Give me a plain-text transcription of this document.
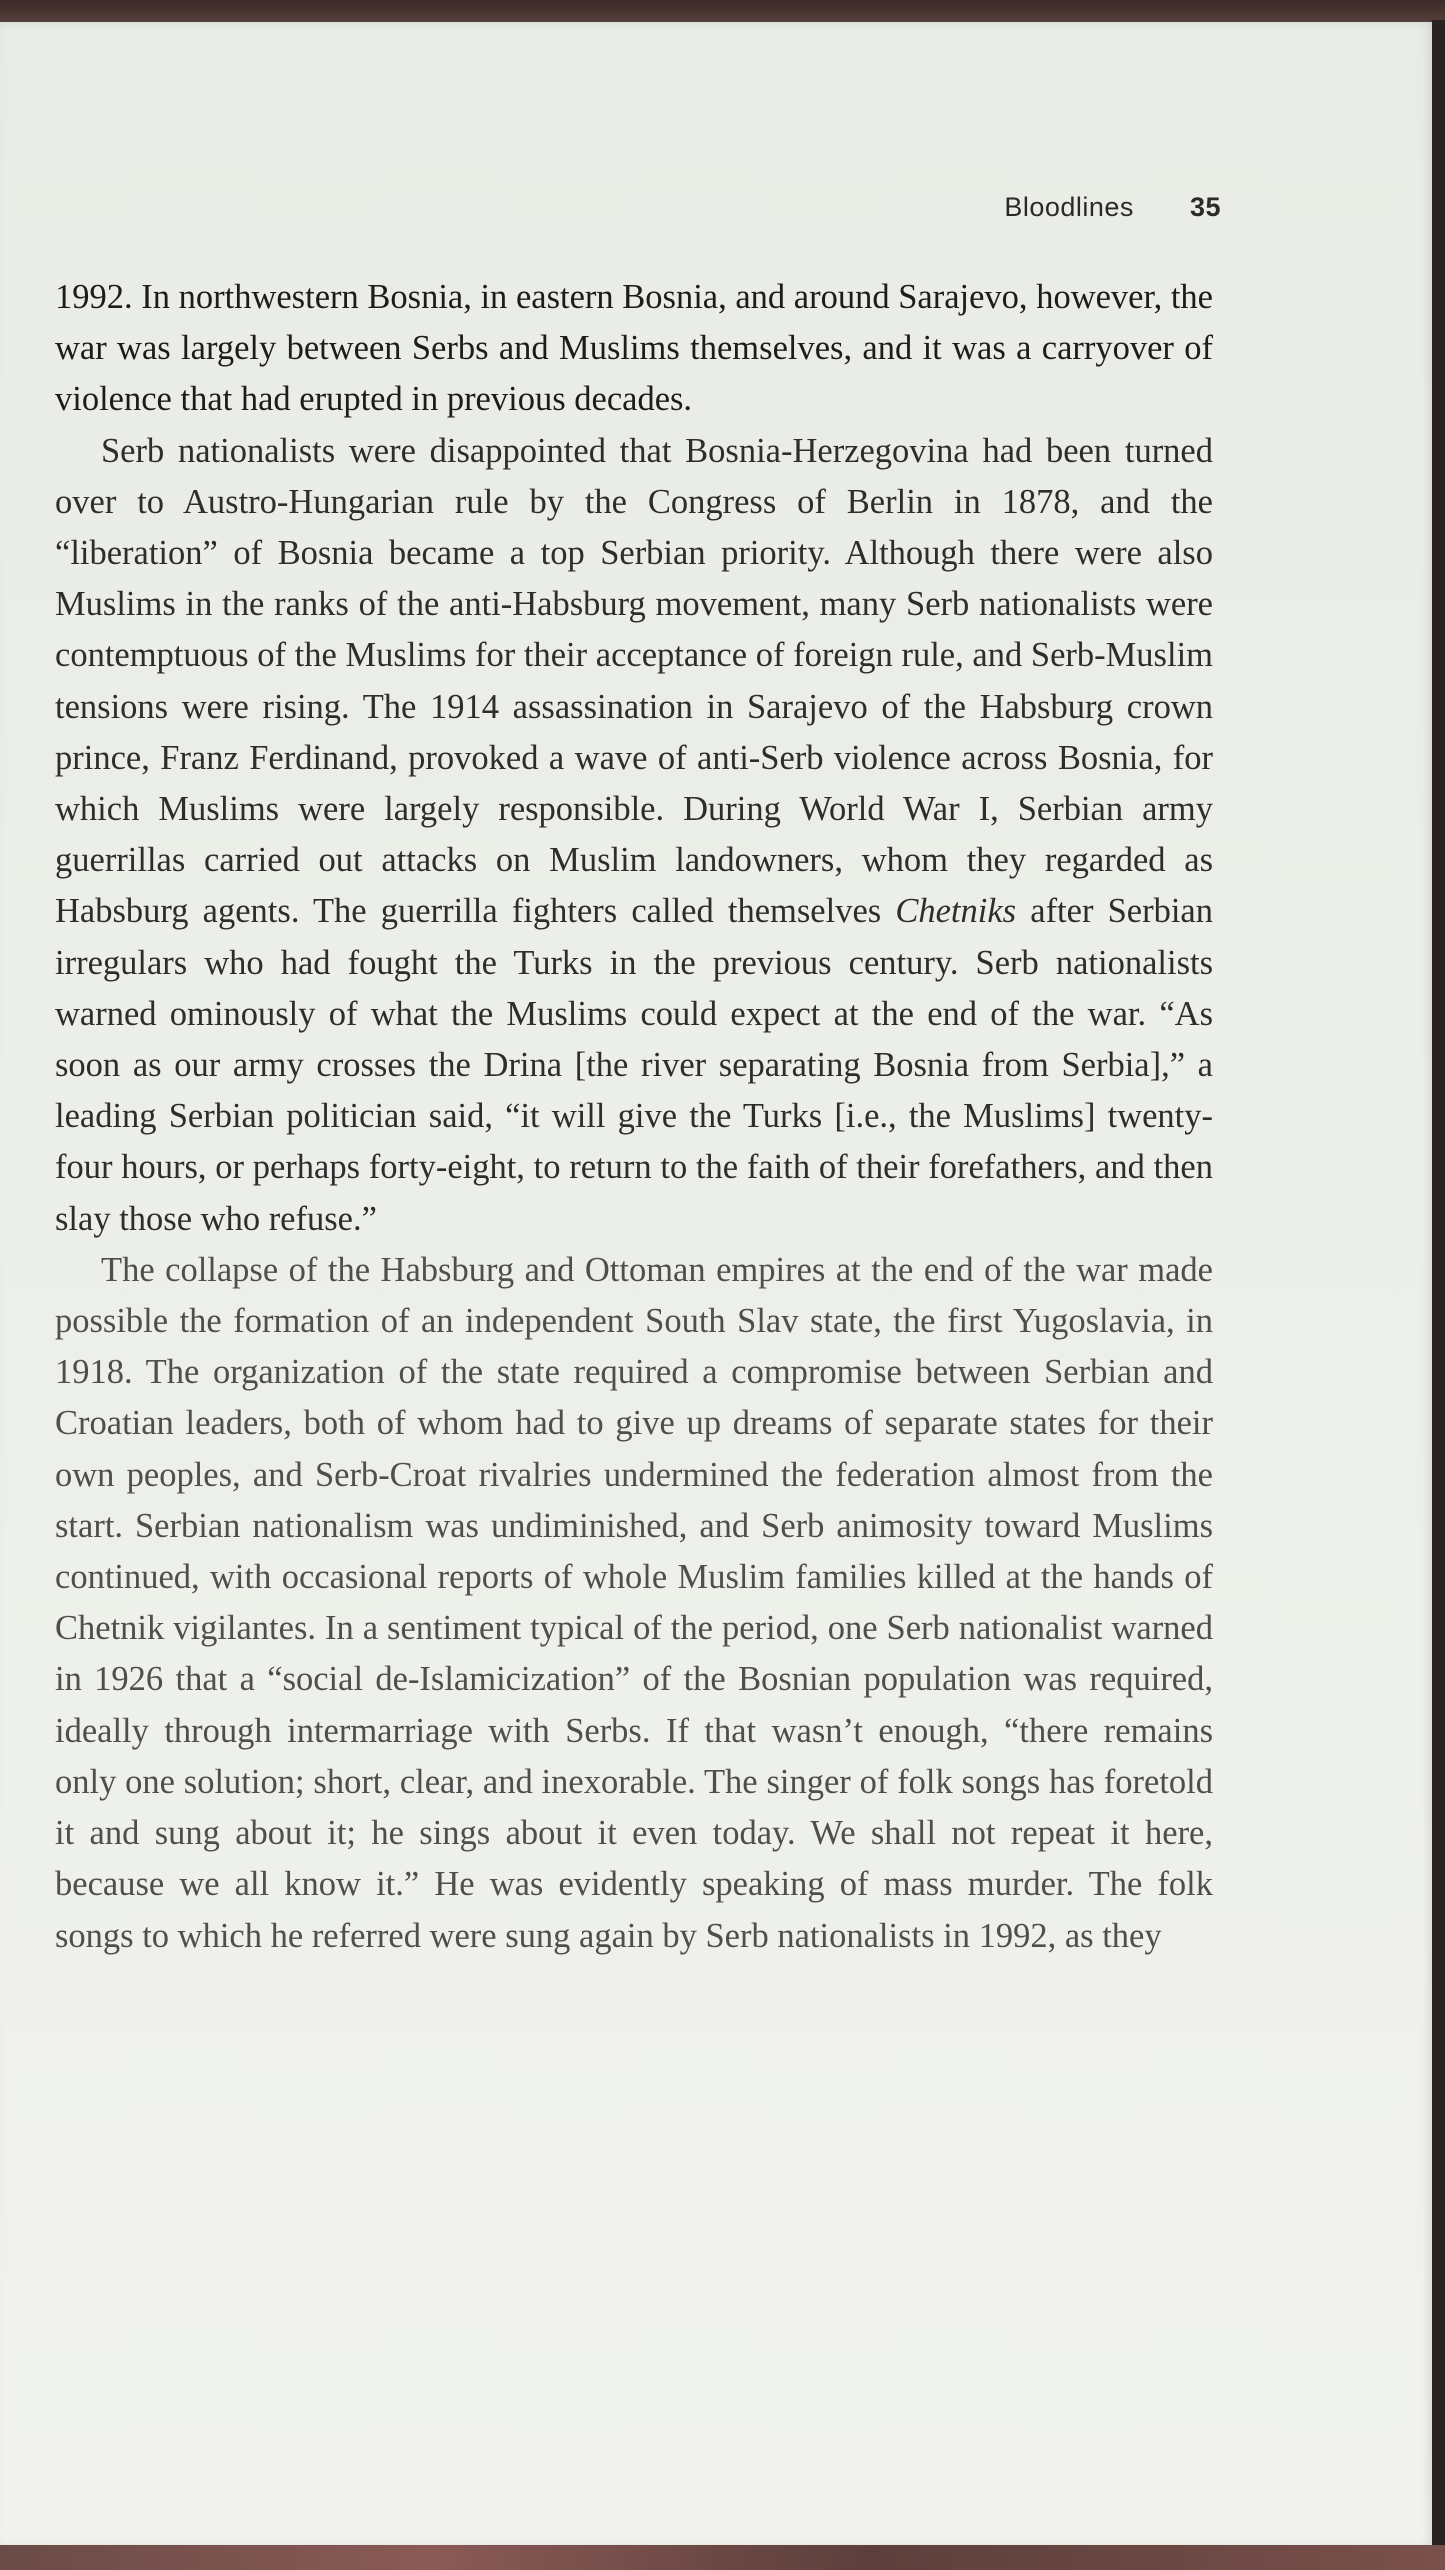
Bloodlines 35

1992. In northwestern Bosnia, in eastern Bosnia, and around Sarajevo, however, the war was largely between Serbs and Muslims themselves, and it was a carryover of violence that had erupted in previous decades.

Serb nationalists were disappointed that Bosnia-Herzegovina had been turned over to Austro-Hungarian rule by the Congress of Berlin in 1878, and the “liberation” of Bosnia became a top Serbian priority. Although there were also Muslims in the ranks of the anti-Habsburg movement, many Serb nationalists were contemptuous of the Muslims for their acceptance of foreign rule, and Serb-Muslim tensions were rising. The 1914 assassination in Sarajevo of the Habsburg crown prince, Franz Ferdinand, provoked a wave of anti-Serb violence across Bosnia, for which Muslims were largely responsible. During World War I, Serbian army guerrillas carried out attacks on Muslim landowners, whom they regarded as Habsburg agents. The guerrilla fighters called themselves Chetniks after Serbian irregulars who had fought the Turks in the previous century. Serb nationalists warned ominously of what the Muslims could expect at the end of the war. “As soon as our army crosses the Drina [the river separating Bosnia from Serbia],” a leading Serbian politician said, “it will give the Turks [i.e., the Muslims] twenty-four hours, or perhaps forty-eight, to return to the faith of their forefathers, and then slay those who refuse.”

The collapse of the Habsburg and Ottoman empires at the end of the war made possible the formation of an independent South Slav state, the first Yugoslavia, in 1918. The organization of the state required a compromise between Serbian and Croatian leaders, both of whom had to give up dreams of separate states for their own peoples, and Serb-Croat rivalries undermined the federation almost from the start. Serbian nationalism was undiminished, and Serb animosity toward Muslims continued, with occasional reports of whole Muslim families killed at the hands of Chetnik vigilantes. In a sentiment typical of the period, one Serb nationalist warned in 1926 that a “social de-Islamicization” of the Bosnian population was required, ideally through intermarriage with Serbs. If that wasn’t enough, “there remains only one solution; short, clear, and inexorable. The singer of folk songs has foretold it and sung about it; he sings about it even today. We shall not repeat it here, because we all know it.” He was evidently speaking of mass murder. The folk songs to which he referred were sung again by Serb nationalists in 1992, as they
